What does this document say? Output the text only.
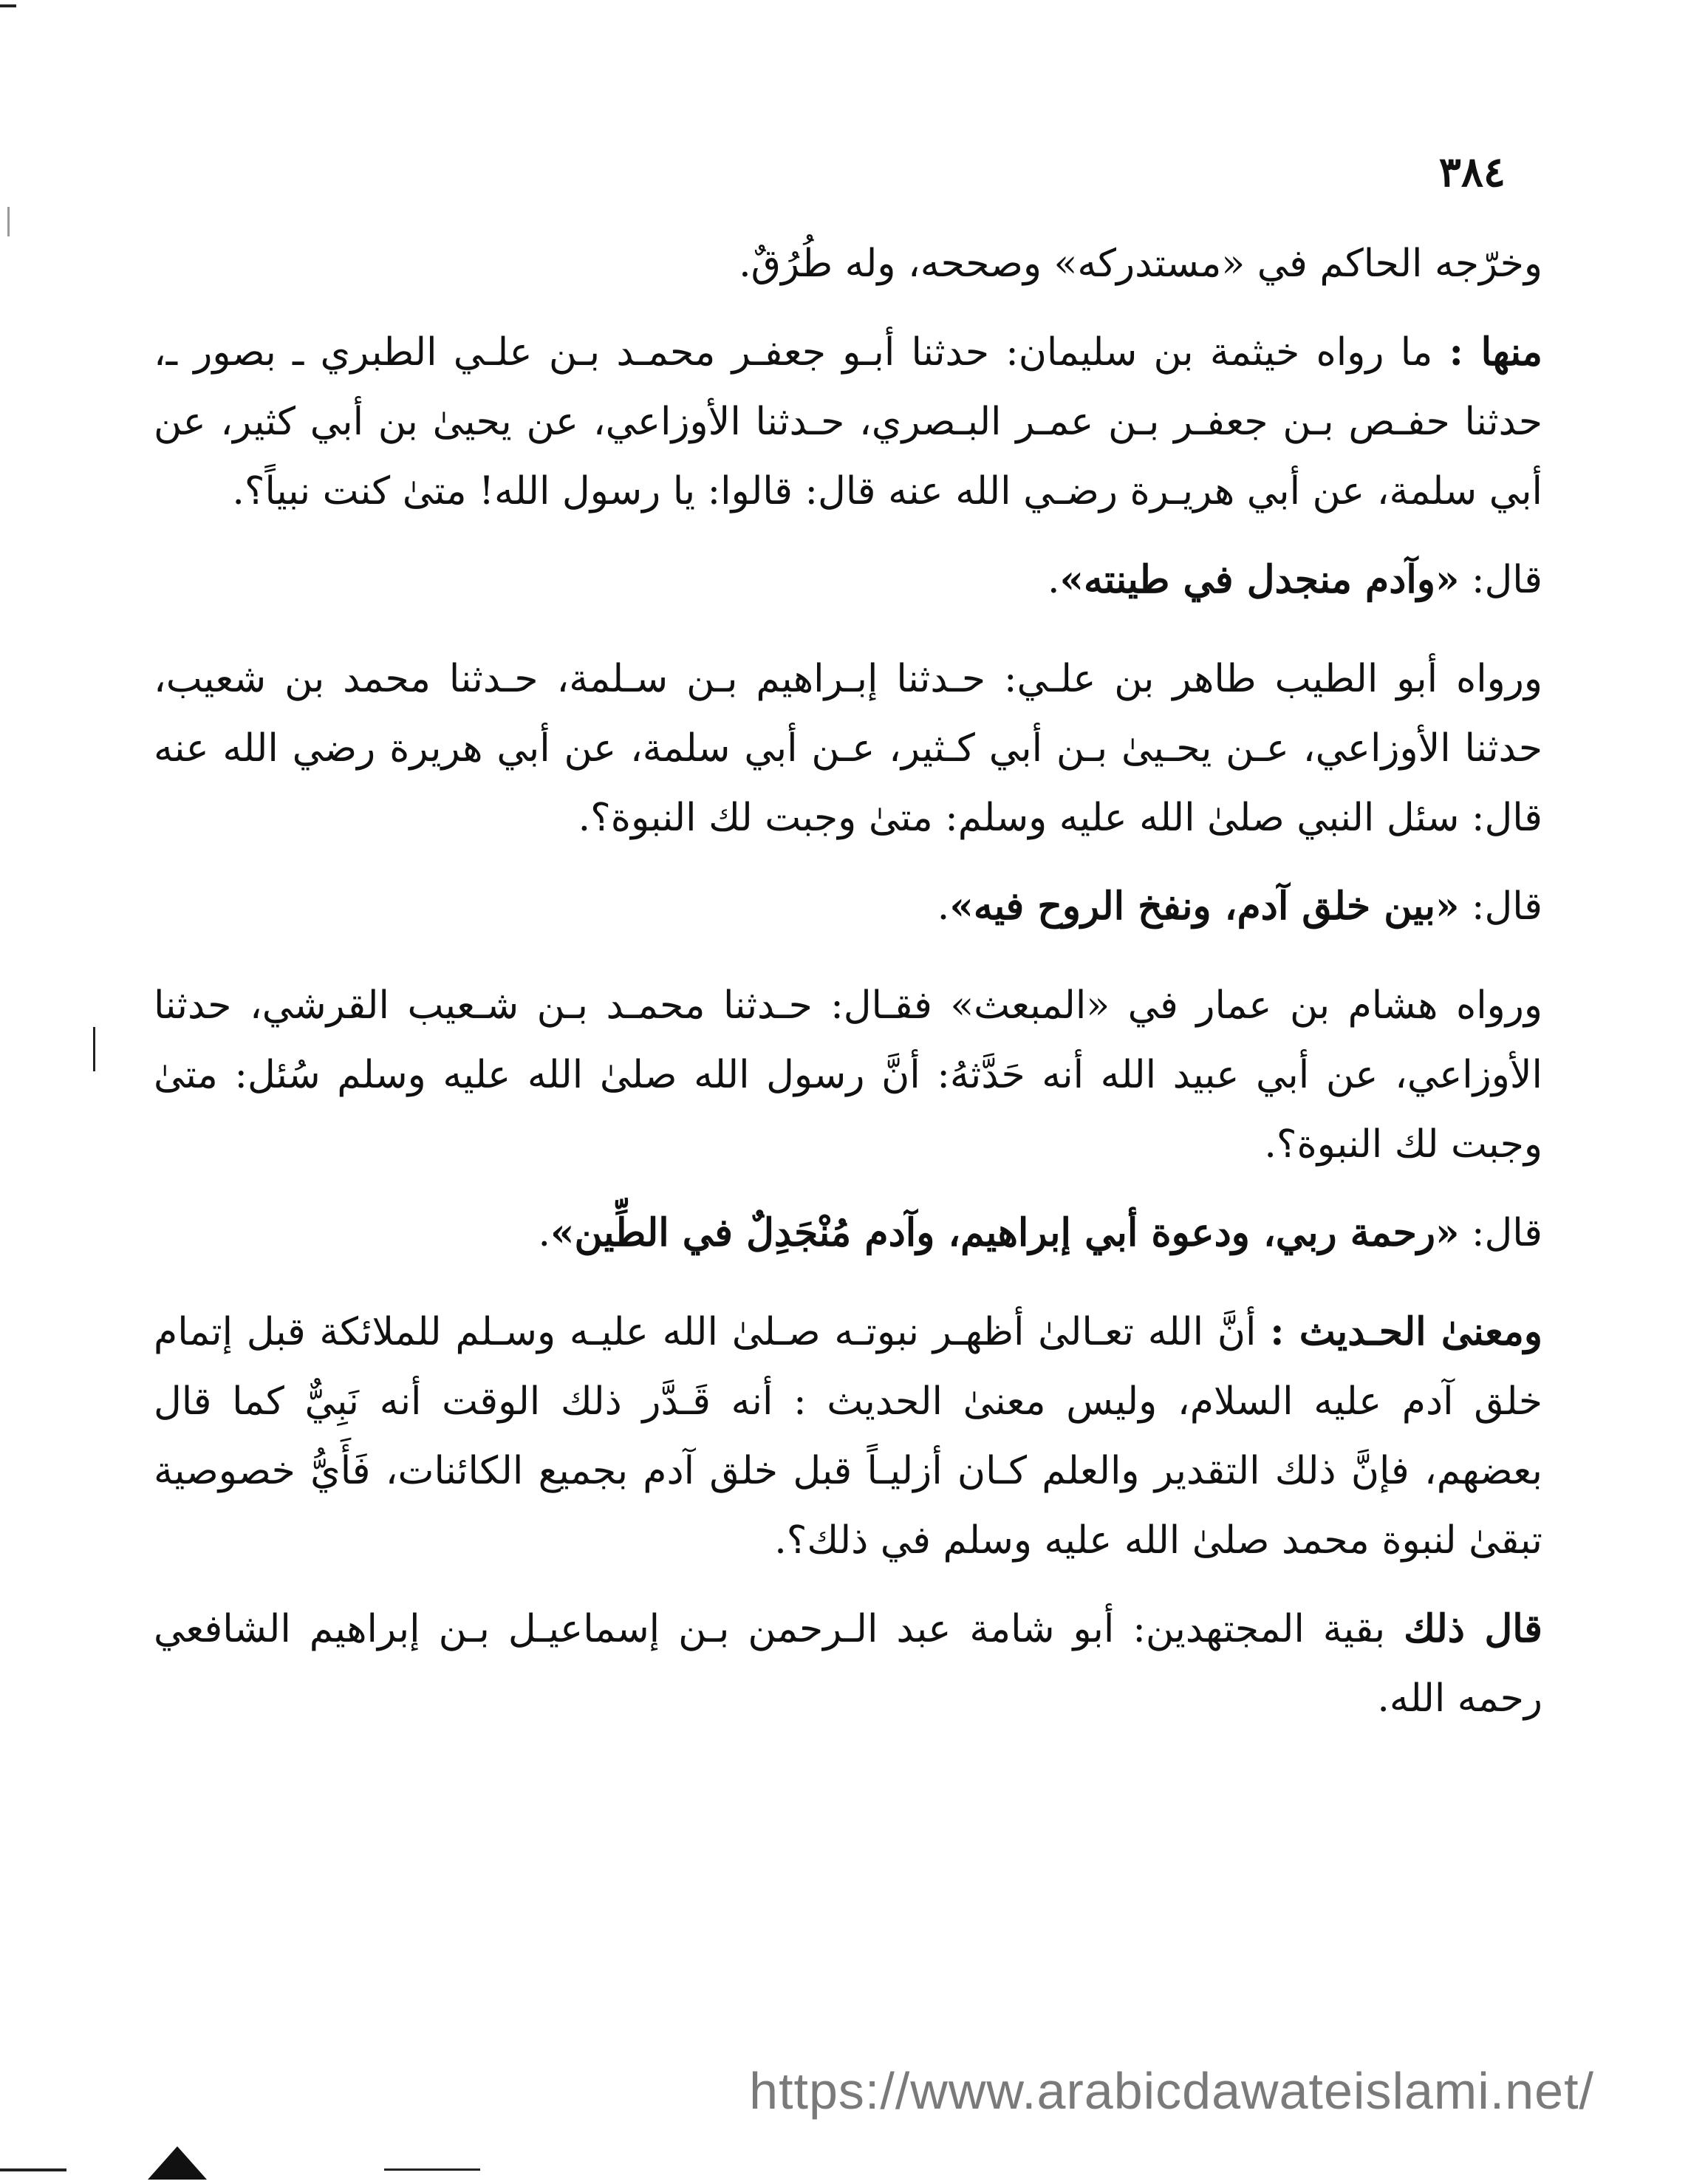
٣٨٤

وخرّجه الحاكم في «مستدركه» وصححه، وله طُرُقٌ.

منها : ما رواه خيثمة بن سليمان: حدثنا أبـو جعفـر محمـد بـن علـي الطبري ـ بصور ـ، حدثنا حفـص بـن جعفـر بـن عمـر البـصري، حـدثنا الأوزاعي، عن يحيىٰ بن أبي كثير، عن أبي سلمة، عن أبي هريـرة رضـي الله عنه قال: قالوا: يا رسول الله! متىٰ كنت نبياً؟.

قال: «وآدم منجدل في طينته».

ورواه أبو الطيب طاهر بن علـي: حـدثنا إبـراهيم بـن سـلمة، حـدثنا محمد بن شعيب، حدثنا الأوزاعي، عـن يحـيىٰ بـن أبي كـثير، عـن أبي سلمة، عن أبي هريرة رضي الله عنه قال: سئل النبي صلىٰ الله عليه وسلم: متىٰ وجبت لك النبوة؟.

قال: «بين خلق آدم، ونفخ الروح فيه».

ورواه هشام بن عمار في «المبعث» فقـال: حـدثنا محمـد بـن شـعيب القرشي، حدثنا الأوزاعي، عن أبي عبيد الله أنه حَدَّثهُ: أنَّ رسول الله صلىٰ الله عليه وسلم سُئل: متىٰ وجبت لك النبوة؟.

قال: «رحمة ربي، ودعوة أبي إبراهيم، وآدم مُنْجَدِلٌ في الطِّين».

ومعنىٰ الحـديث : أنَّ الله تعـالىٰ أظهـر نبوتـه صـلىٰ الله عليـه وسـلم للملائكة قبل إتمام خلق آدم عليه السلام، وليس معنىٰ الحديث : أنه قَـدَّر ذلك الوقت أنه نَبِيٌّ كما قال بعضهم، فإنَّ ذلك التقدير والعلم كـان أزليـاً قبل خلق آدم بجميع الكائنات، فَأَيُّ خصوصية تبقىٰ لنبوة محمد صلىٰ الله عليه وسلم في ذلك؟.

قال ذلك بقية المجتهدين: أبو شامة عبد الـرحمن بـن إسماعيـل بـن إبراهيم الشافعي رحمه الله.

https://www.arabicdawateislami.net/
